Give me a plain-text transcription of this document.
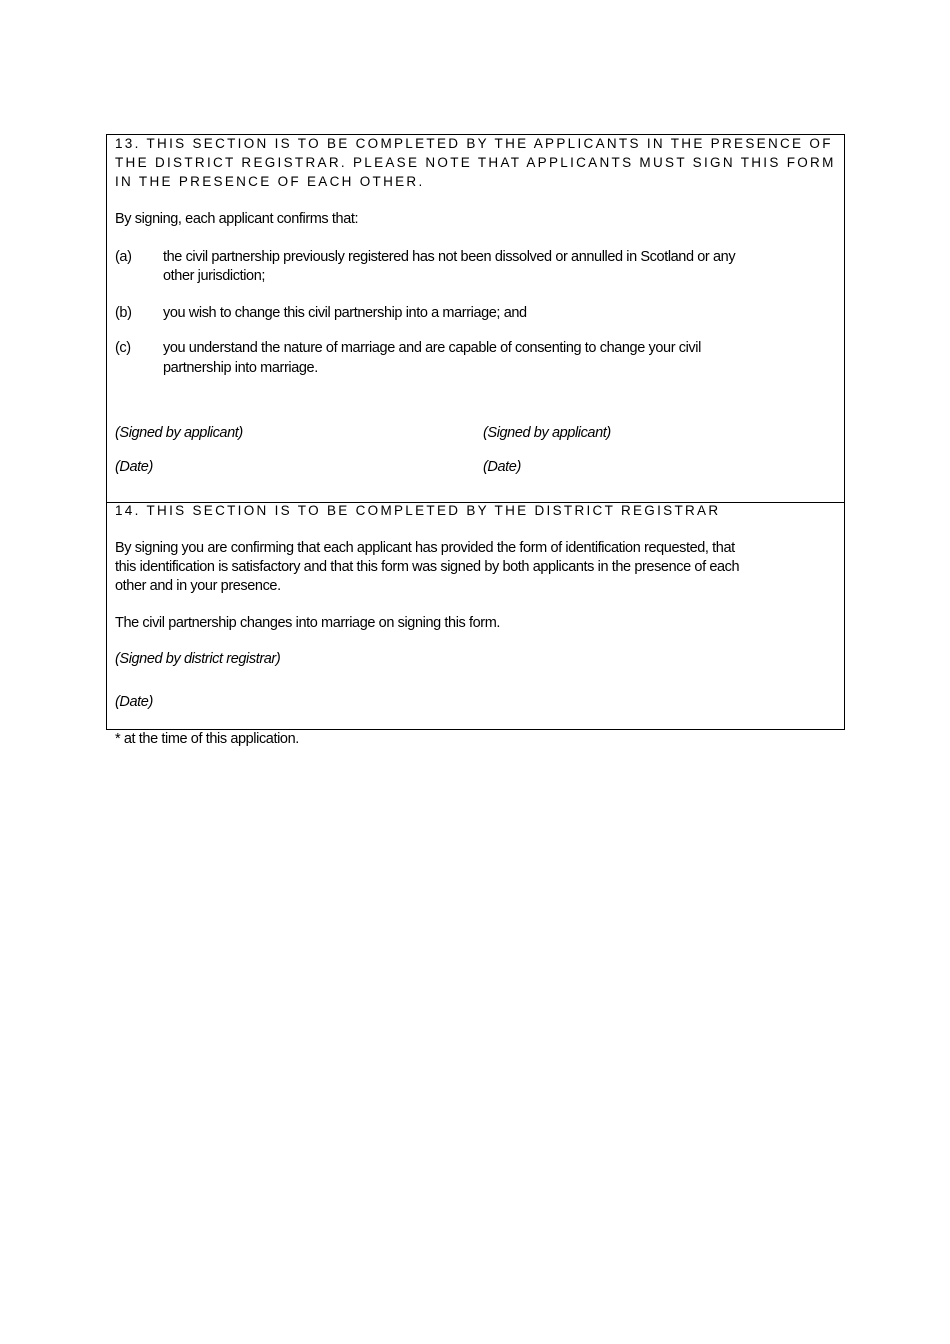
13. THIS SECTION IS TO BE COMPLETED BY THE APPLICANTS IN THE PRESENCE OF
THE DISTRICT REGISTRAR. PLEASE NOTE THAT APPLICANTS MUST SIGN THIS FORM
IN THE PRESENCE OF EACH OTHER.
By signing, each applicant confirms that:
(a) the civil partnership previously registered has not been dissolved or annulled in Scotland or any
other jurisdiction;
(b) you wish to change this civil partnership into a marriage; and
(c) you understand the nature of marriage and are capable of consenting to change your civil
partnership into marriage.
(Signed by applicant)	(Signed by applicant)
(Date)	(Date)
14. THIS SECTION IS TO BE COMPLETED BY THE DISTRICT REGISTRAR
By signing you are confirming that each applicant has provided the form of identification requested, that
this identification is satisfactory and that this form was signed by both applicants in the presence of each
other and in your presence.
The civil partnership changes into marriage on signing this form.
(Signed by district registrar)
(Date)
* at the time of this application.
